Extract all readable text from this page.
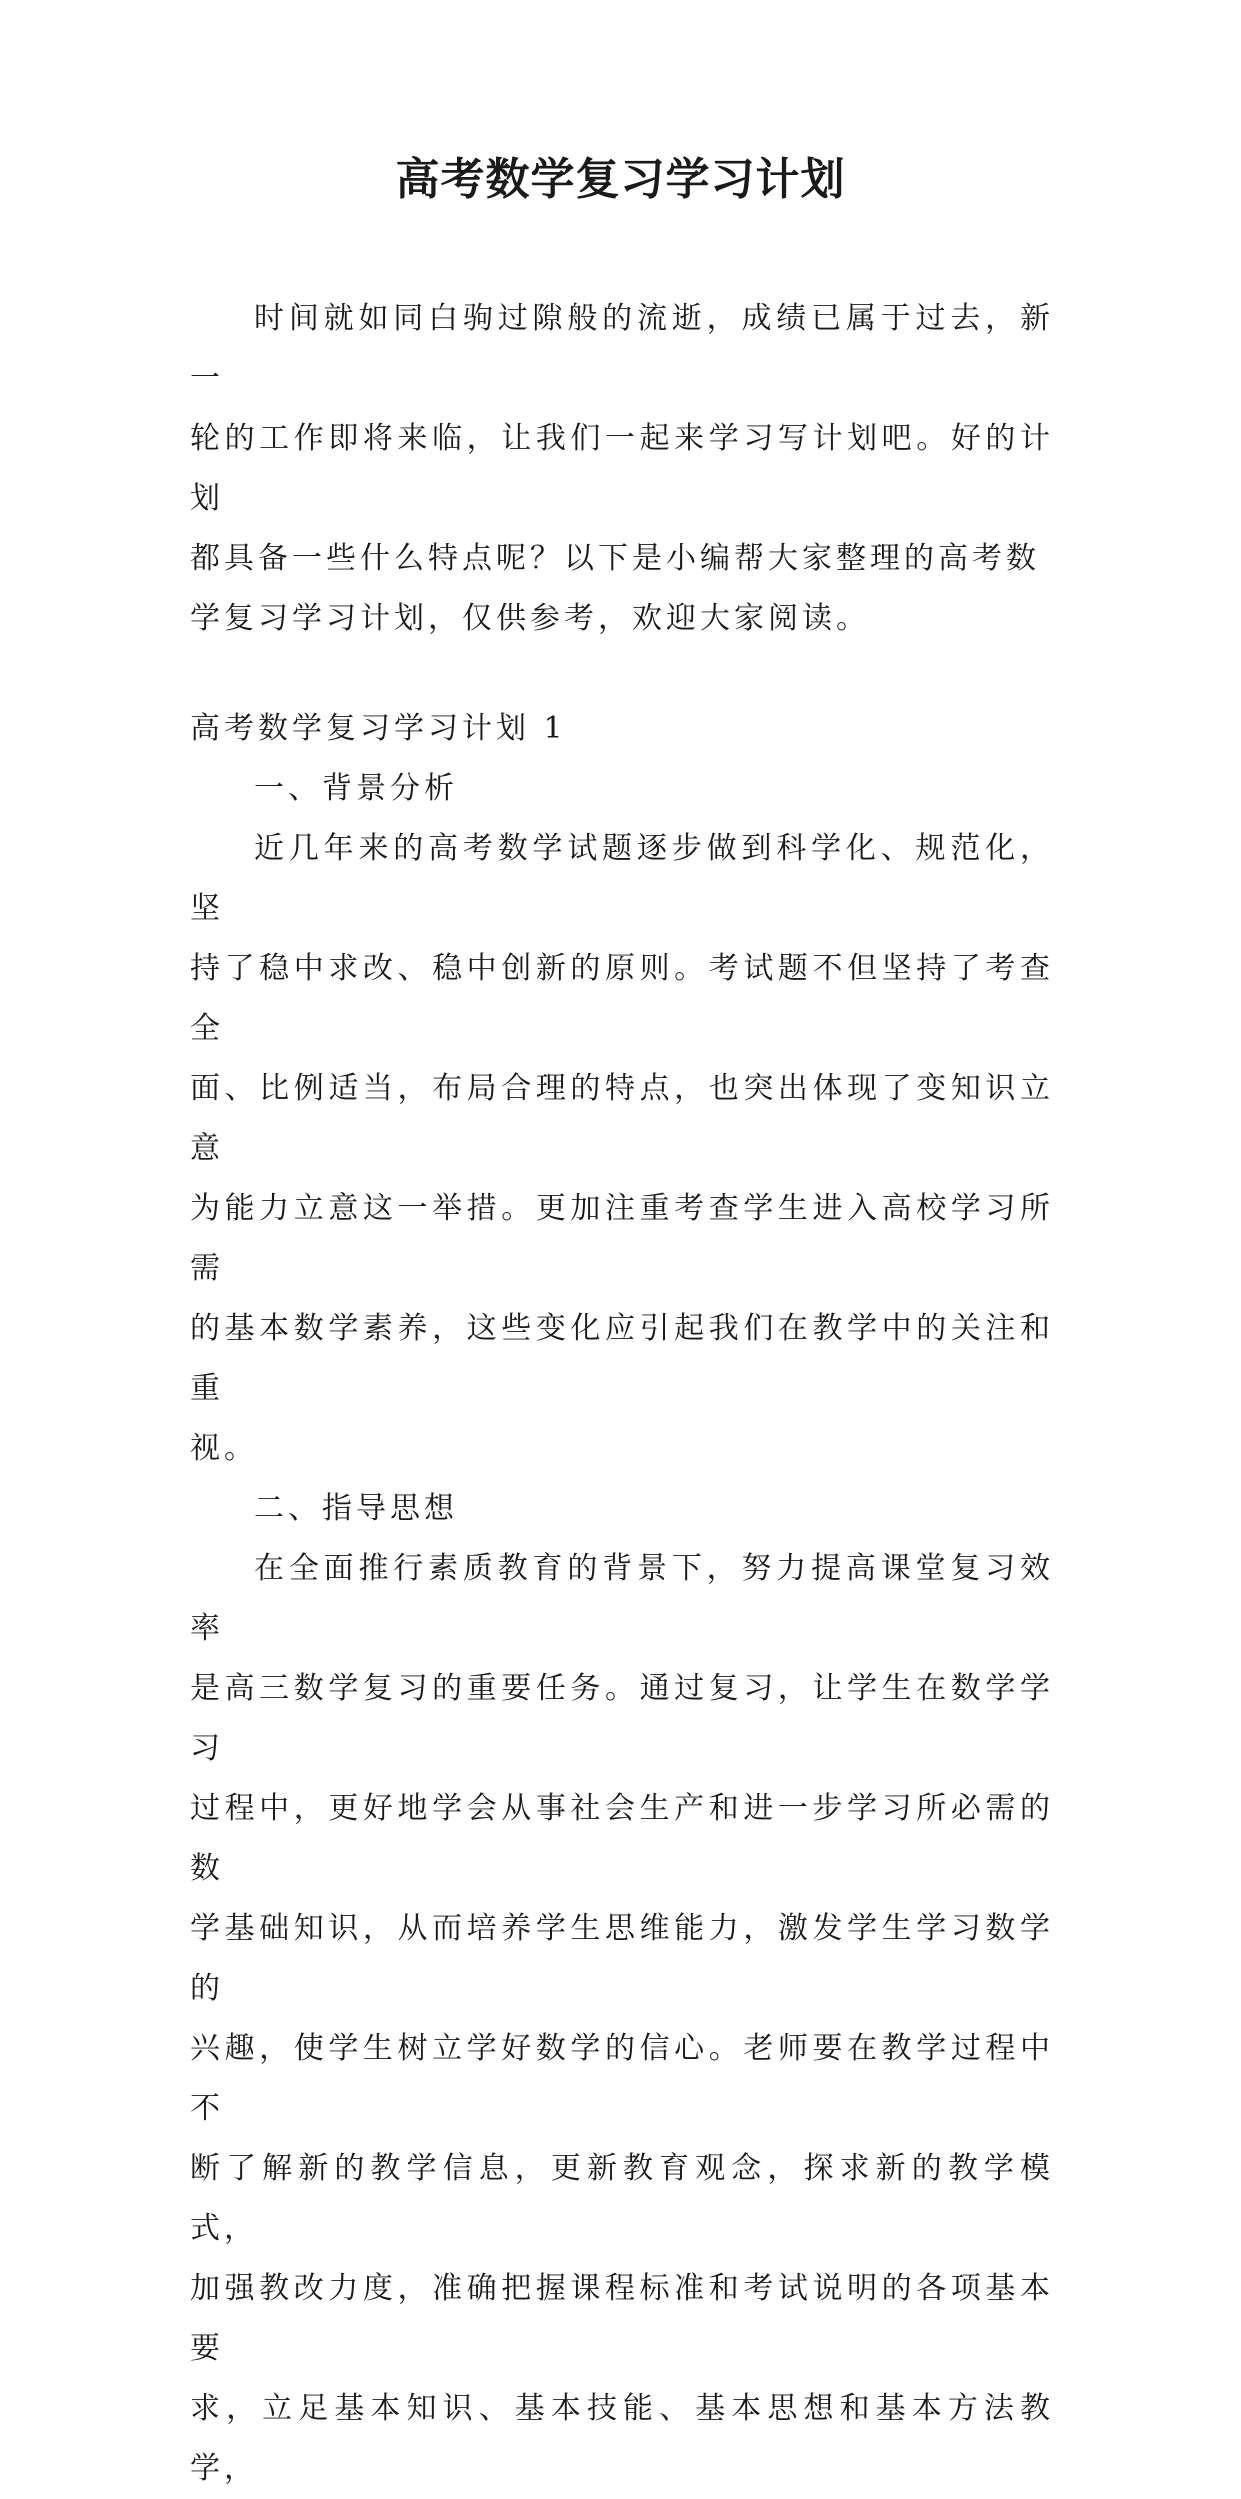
高考数学复习学习计划

时间就如同白驹过隙般的流逝，成绩已属于过去，新一
轮的工作即将来临，让我们一起来学习写计划吧。好的计划
都具备一些什么特点呢？以下是小编帮大家整理的高考数
学复习学习计划，仅供参考，欢迎大家阅读。

高考数学复习学习计划 1

一、背景分析

近几年来的高考数学试题逐步做到科学化、规范化，坚
持了稳中求改、稳中创新的原则。考试题不但坚持了考查全
面、比例适当，布局合理的特点，也突出体现了变知识立意
为能力立意这一举措。更加注重考查学生进入高校学习所需
的基本数学素养，这些变化应引起我们在教学中的关注和重
视。

二、指导思想

在全面推行素质教育的背景下，努力提高课堂复习效率
是高三数学复习的重要任务。通过复习，让学生在数学学习
过程中，更好地学会从事社会生产和进一步学习所必需的数
学基础知识，从而培养学生思维能力，激发学生学习数学的
兴趣，使学生树立学好数学的信心。老师要在教学过程中不
断了解新的教学信息，更新教育观念，探求新的教学模式，
加强教改力度，准确把握课程标准和考试说明的各项基本要
求，立足基本知识、基本技能、基本思想和基本方法教学，
